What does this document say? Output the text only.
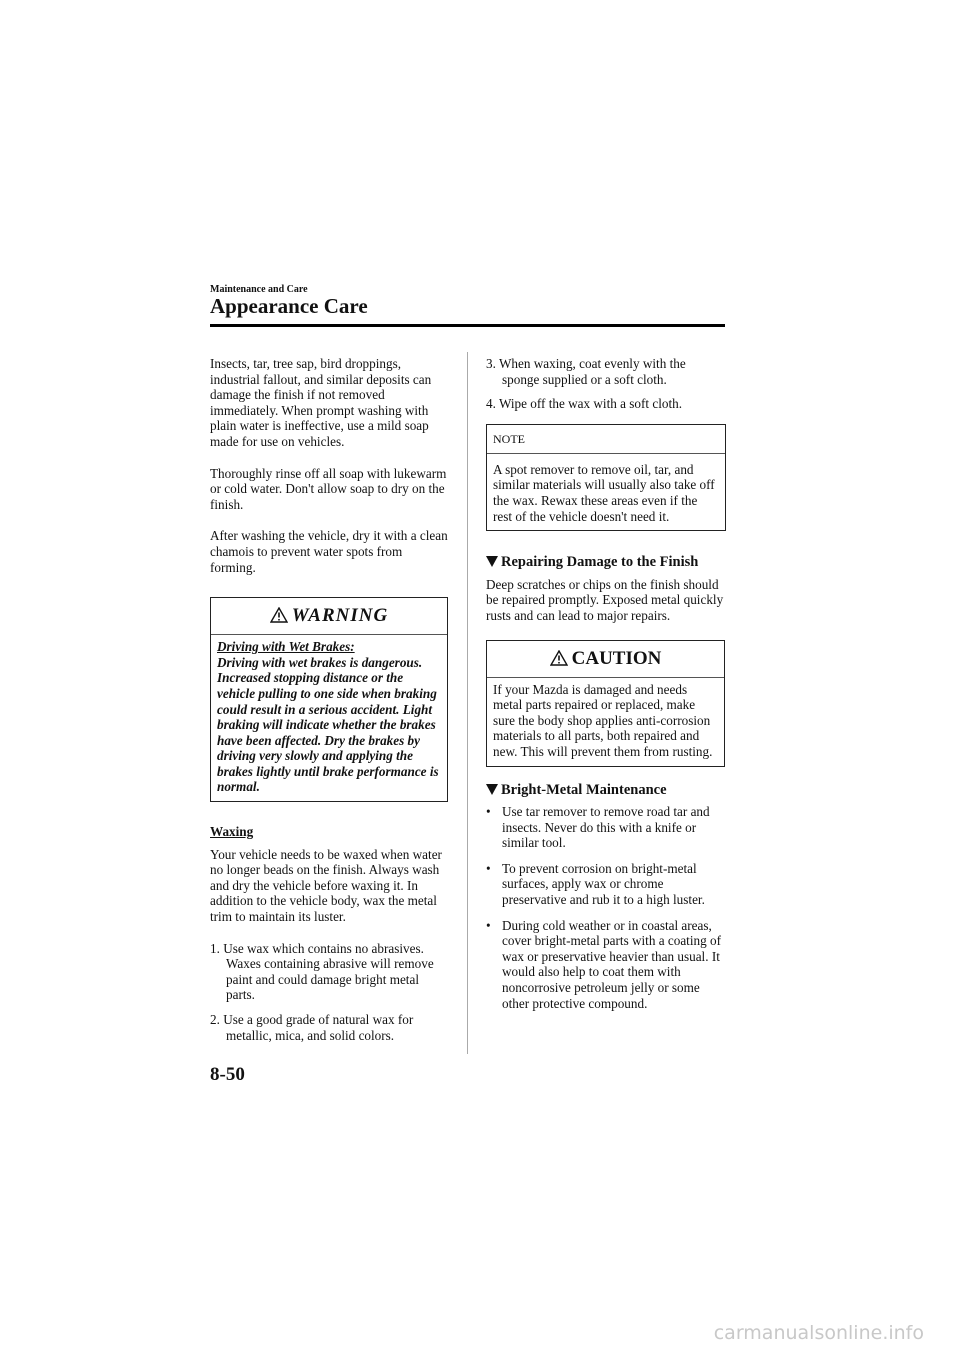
Maintenance and Care
Appearance Care

Insects, tar, tree sap, bird droppings, industrial fallout, and similar deposits can damage the finish if not removed immediately. When prompt washing with plain water is ineffective, use a mild soap made for use on vehicles.

Thoroughly rinse off all soap with lukewarm or cold water. Don't allow soap to dry on the finish.

After washing the vehicle, dry it with a clean chamois to prevent water spots from forming.

WARNING

Driving with Wet Brakes:

Driving with wet brakes is dangerous. Increased stopping distance or the vehicle pulling to one side when braking could result in a serious accident. Light braking will indicate whether the brakes have been affected. Dry the brakes by driving very slowly and applying the brakes lightly until brake performance is normal.

Waxing

Your vehicle needs to be waxed when water no longer beads on the finish. Always wash and dry the vehicle before waxing it. In addition to the vehicle body, wax the metal trim to maintain its luster.

1. Use wax which contains no abrasives. Waxes containing abrasive will remove paint and could damage bright metal parts.

2. Use a good grade of natural wax for metallic, mica, and solid colors.

3. When waxing, coat evenly with the sponge supplied or a soft cloth.

4. Wipe off the wax with a soft cloth.

NOTE
A spot remover to remove oil, tar, and similar materials will usually also take off the wax. Rewax these areas even if the rest of the vehicle doesn't need it.

Repairing Damage to the Finish

Deep scratches or chips on the finish should be repaired promptly. Exposed metal quickly rusts and can lead to major repairs.

CAUTION
If your Mazda is damaged and needs metal parts repaired or replaced, make sure the body shop applies anti-corrosion materials to all parts, both repaired and new. This will prevent them from rusting.

Bright-Metal Maintenance

• Use tar remover to remove road tar and insects. Never do this with a knife or similar tool.
• To prevent corrosion on bright-metal surfaces, apply wax or chrome preservative and rub it to a high luster.
• During cold weather or in coastal areas, cover bright-metal parts with a coating of wax or preservative heavier than usual. It would also help to coat them with noncorrosive petroleum jelly or some other protective compound.
8-50
carmanualsonline.info
